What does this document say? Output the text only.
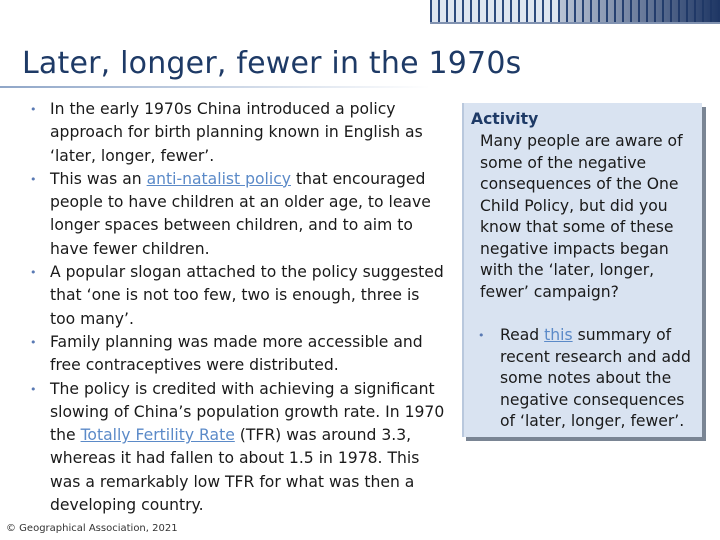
Later, longer, fewer in the 1970s
• In the early 1970s China introduced a policy approach for birth planning known in English as ‘later, longer, fewer’.
• This was an anti-natalist policy that encouraged people to have children at an older age, to leave longer spaces between children, and to aim to have fewer children.
• A popular slogan attached to the policy suggested that ‘one is not too few, two is enough, three is too many’.
• Family planning was made more accessible and free contraceptives were distributed.
• The policy is credited with achieving a significant slowing of China’s population growth rate. In 1970 the Totally Fertility Rate (TFR) was around 3.3, whereas it had fallen to about 1.5 in 1978. This was a remarkably low TFR for what was then a developing country.
Activity
Many people are aware of some of the negative consequences of the One Child Policy, but did you know that some of these negative impacts began with the ‘later, longer, fewer’ campaign?
• Read this summary of recent research and add some notes about the negative consequences of ‘later, longer, fewer’.
© Geographical Association, 2021
